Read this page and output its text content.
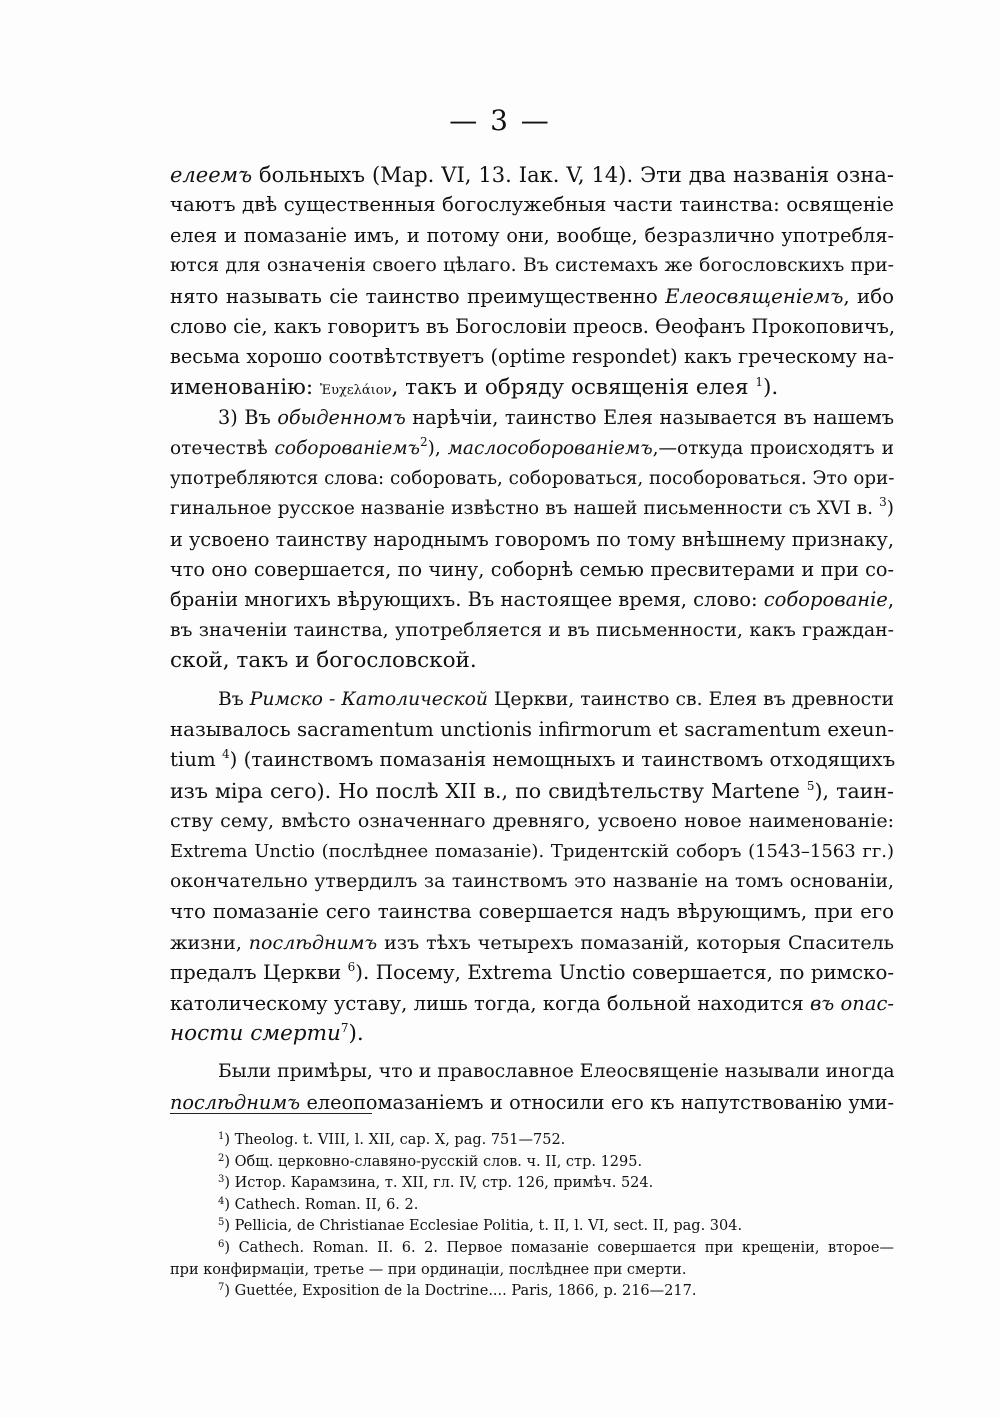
— 3 —
елеемъ больныхъ (Мар. VI, 13. Іак. V, 14). Эти два названія озна-
чаютъ двѣ существенныя богослужебныя части таинства: освященіе
елея и помазаніе имъ, и потому они, вообще, безразлично употребля-
ются для означенія своего цѣлаго. Въ системахъ же богословскихъ при-
нято называть сіе таинство преимущественно Елеосвященіемъ, ибо
слово сіе, какъ говоритъ въ Богословіи преосв. Ѳеофанъ Прокоповичъ,
весьма хорошо соотвѣтствуетъ (optime respondet) какъ греческому на-
именованію: Ἐυχελάιον, такъ и обряду освященія елея $^1$).
3) Въ обыденномъ нарѣчіи, таинство Елея называется въ нашемъ
отечествѣ соборованіемъ$^2$), маслособорованіемъ,—откуда происходятъ и
употребляются слова: соборовать, собороваться, пособороваться. Это ори-
гинальное русское названіе извѣстно въ нашей письменности съ XVI в. $^3$)
и усвоено таинству народнымъ говоромъ по тому внѣшнему признаку,
что оно совершается, по чину, соборнѣ семью пресвитерами и при со-
браніи многихъ вѣрующихъ. Въ настоящее время, слово: соборованіе,
въ значеніи таинства, употребляется и въ письменности, какъ граждан-
ской, такъ и богословской.
Въ Римско - Католической Церкви, таинство св. Елея въ древности
называлось sacramentum unctionis infirmorum et sacramentum exeun-
tium $^4$) (таинствомъ помазанія немощныхъ и таинствомъ отходящихъ
изъ міра сего). Но послѣ XII в., по свидѣтельству Martene $^5$), таин-
ству сему, вмѣсто означеннаго древняго, усвоено новое наименованіе:
Extrema Unctio (послѣднее помазаніе). Тридентскій соборъ (1543–1563 гг.)
окончательно утвердилъ за таинствомъ это названіе на томъ основаніи,
что помазаніе сего таинства совершается надъ вѣрующимъ, при его
жизни, послѣднимъ изъ тѣхъ четырехъ помазаній, которыя Спаситель
предалъ Церкви $^6$). Посему, Extrema Unctio совершается, по римско-
католическому уставу, лишь тогда, когда больной находится въ опас-
ности смерти$^7$).
Были примѣры, что и православное Елеосвященіе называли иногда
послѣднимъ елеопомазаніемъ и относили его къ напутствованію уми-
$^1$) Theolog. t. VIII, l. XII, cap. X, pag. 751—752.
$^2$) Общ. церковно-славяно-русскій слов. ч. II, стр. 1295.
$^3$) Истор. Карамзина, т. XII, гл. IV, стр. 126, примѣч. 524.
$^4$) Cathech. Roman. II, 6. 2.
$^5$) Pellicia, de Christianae Ecclesiae Politia, t. II, l. VI, sect. II, pag. 304.
$^6$) Cathech. Roman. II. 6. 2. Первое помазаніе совершается при крещеніи, второе—
при конфирмаціи, третье — при ординаціи, послѣднее при смерти.
$^7$) Guettée, Exposition de la Doctrine.... Paris, 1866, p. 216—217.
